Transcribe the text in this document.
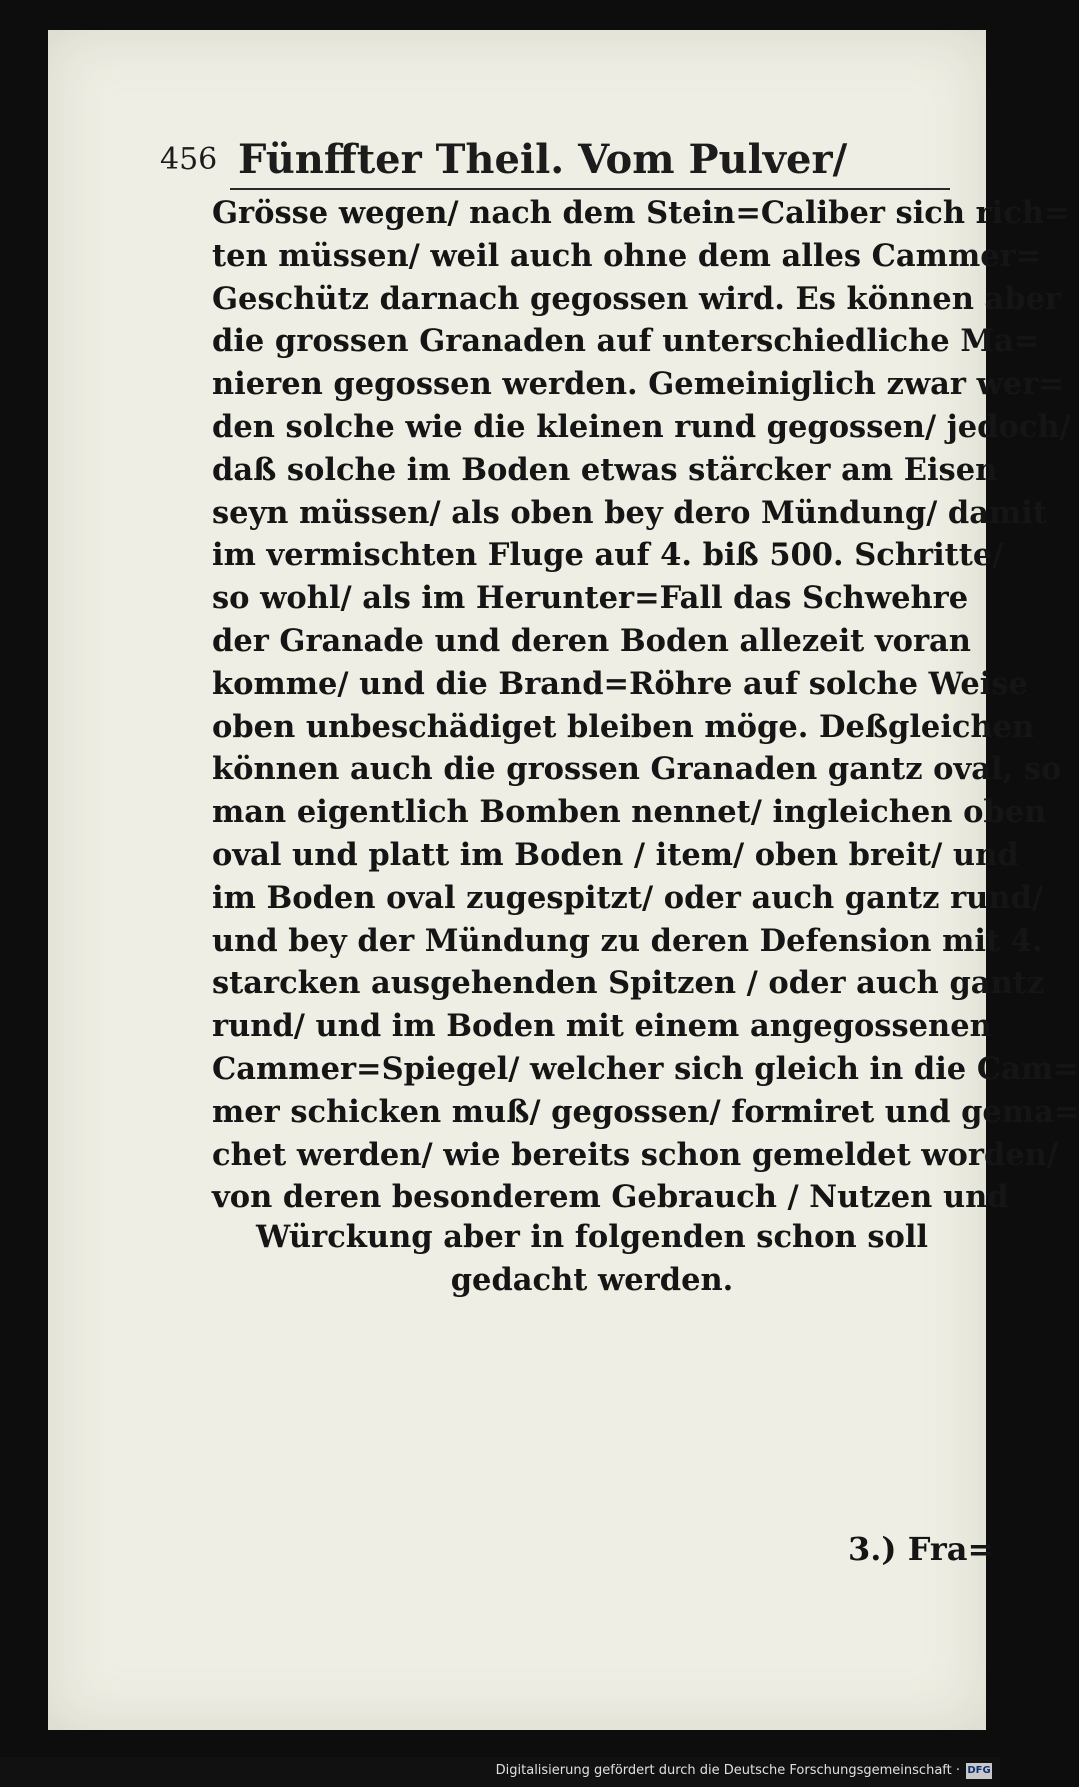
456 Fünffter Theil. Vom Pulver/
Grösse wegen/ nach dem Stein=Caliber sich rich=
ten müssen/ weil auch ohne dem alles Cammer=
Geschütz darnach gegossen wird. Es können aber
die grossen Granaden auf unterschiedliche Ma=
nieren gegossen werden. Gemeiniglich zwar wer=
den solche wie die kleinen rund gegossen/ jedoch/
daß solche im Boden etwas stärcker am Eisen
seyn müssen/ als oben bey dero Mündung/ damit
im vermischten Fluge auf 4. biß 500. Schritte/
so wohl/ als im Herunter=Fall das Schwehre
der Granade und deren Boden allezeit voran
komme/ und die Brand=Röhre auf solche Weise
oben unbeschädiget bleiben möge. Deßgleichen
können auch die grossen Granaden gantz oval, so
man eigentlich Bomben nennet/ ingleichen oben
oval und platt im Boden / item/ oben breit/ und
im Boden oval zugespitzt/ oder auch gantz rund/
und bey der Mündung zu deren Defension mit 4.
starcken ausgehenden Spitzen / oder auch gantz
rund/ und im Boden mit einem angegossenen
Cammer=Spiegel/ welcher sich gleich in die Cam=
mer schicken muß/ gegossen/ formiret und gema=
chet werden/ wie bereits schon gemeldet worden/
von deren besonderem Gebrauch / Nutzen und
Würckung aber in folgenden schon soll
gedacht werden.
3.) Fra=
Digitalisierung gefördert durch die Deutsche Forschungsgemeinschaft · DFG
